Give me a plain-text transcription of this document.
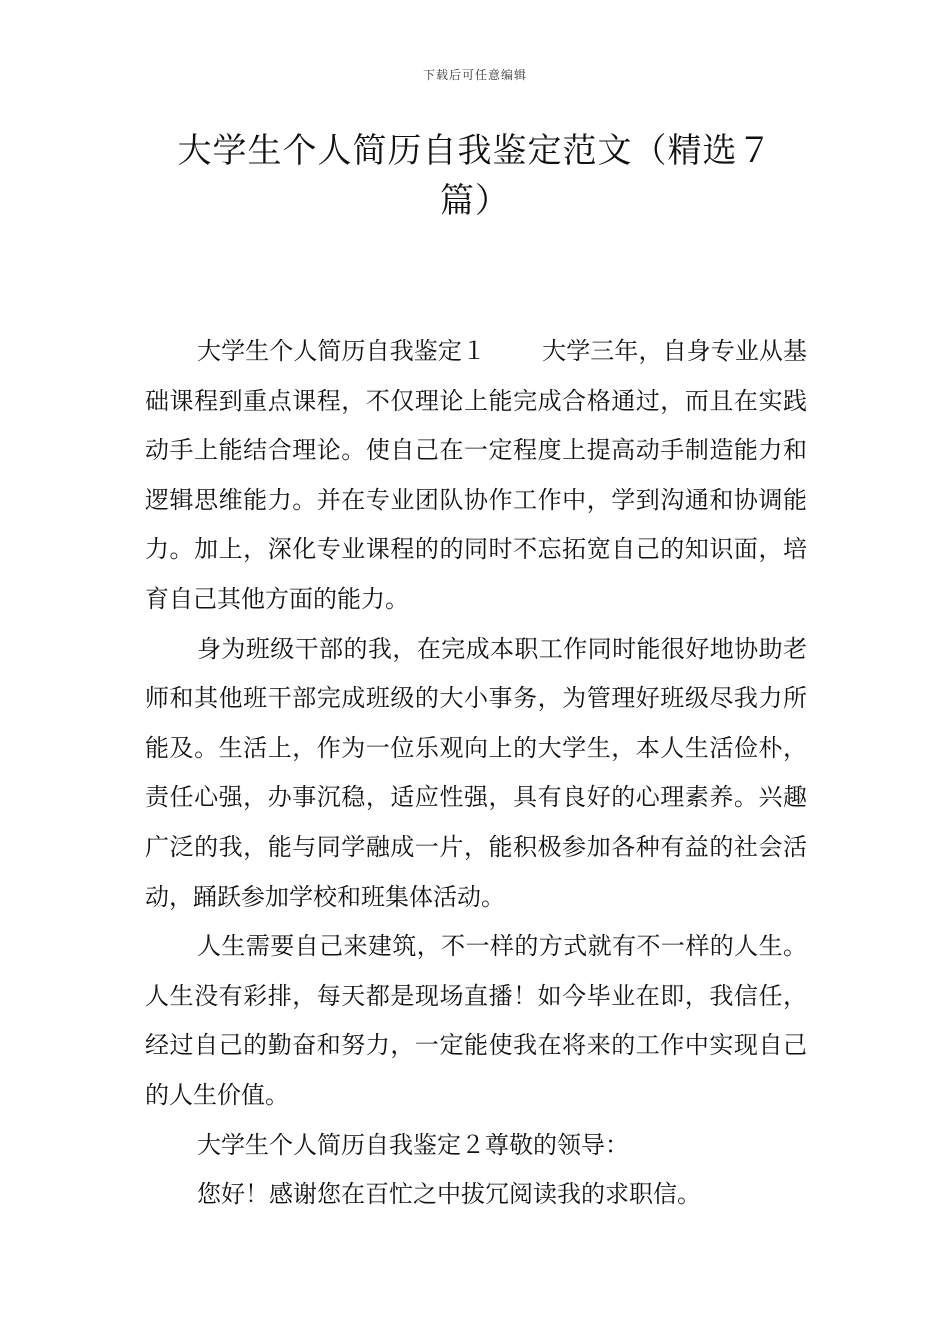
下载后可任意编辑
大学生个人简历自我鉴定范文（精选７
篇）

大学生个人简历自我鉴定１ 大学三年，自身专业从基础课程到重点课程，不仅理论上能完成合格通过，而且在实践动手上能结合理论。使自己在一定程度上提高动手制造能力和逻辑思维能力。并在专业团队协作工作中，学到沟通和协调能力。加上，深化专业课程的的同时不忘拓宽自己的知识面，培育自己其他方面的能力。

身为班级干部的我，在完成本职工作同时能很好地协助老师和其他班干部完成班级的大小事务，为管理好班级尽我力所能及。生活上，作为一位乐观向上的大学生，本人生活俭朴，责任心强，办事沉稳，适应性强，具有良好的心理素养。兴趣广泛的我，能与同学融成一片，能积极参加各种有益的社会活动，踊跃参加学校和班集体活动。

人生需要自己来建筑，不一样的方式就有不一样的人生。人生没有彩排，每天都是现场直播！如今毕业在即，我信任，经过自己的勤奋和努力，一定能使我在将来的工作中实现自己的人生价值。

大学生个人简历自我鉴定２尊敬的领导：

您好！感谢您在百忙之中拔冗阅读我的求职信。
